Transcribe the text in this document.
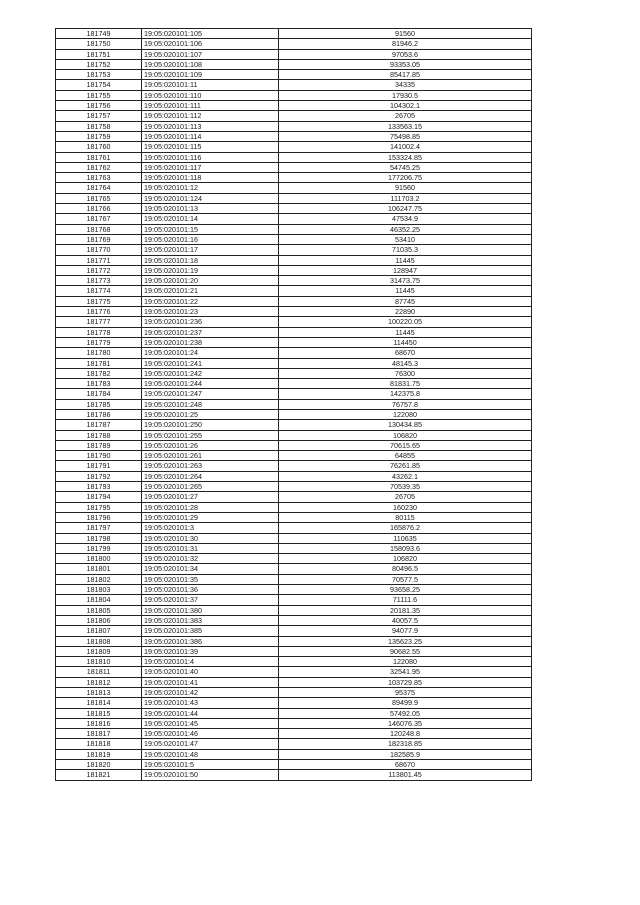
181749	19:05:020101:105	91560
181750	19:05:020101:106	81946.2
181751	19:05:020101:107	97053.6
181752	19:05:020101:108	93353.05
181753	19:05:020101:109	85417.85
181754	19:05:020101:11	34335
181755	19:05:020101:110	17930.5
181756	19:05:020101:111	104302.1
181757	19:05:020101:112	26705
181758	19:05:020101:113	133563.15
181759	19:05:020101:114	75498.85
181760	19:05:020101:115	141002.4
181761	19:05:020101:116	153324.85
181762	19:05:020101:117	54745.25
181763	19:05:020101:118	177206.75
181764	19:05:020101:12	91560
181765	19:05:020101:124	111703.2
181766	19:05:020101:13	106247.75
181767	19:05:020101:14	47534.9
181768	19:05:020101:15	46352.25
181769	19:05:020101:16	53410
181770	19:05:020101:17	71035.3
181771	19:05:020101:18	11445
181772	19:05:020101:19	128947
181773	19:05:020101:20	31473.75
181774	19:05:020101:21	11445
181775	19:05:020101:22	87745
181776	19:05:020101:23	22890
181777	19:05:020101:236	100220.05
181778	19:05:020101:237	11445
181779	19:05:020101:238	114450
181780	19:05:020101:24	68670
181781	19:05:020101:241	48145.3
181782	19:05:020101:242	76300
181783	19:05:020101:244	81831.75
181784	19:05:020101:247	142375.8
181785	19:05:020101:248	76757.8
181786	19:05:020101:25	122080
181787	19:05:020101:250	130434.85
181788	19:05:020101:255	106820
181789	19:05:020101:26	70615.65
181790	19:05:020101:261	64855
181791	19:05:020101:263	76261.85
181792	19:05:020101:264	43262.1
181793	19:05:020101:265	70539.35
181794	19:05:020101:27	26705
181795	19:05:020101:28	160230
181796	19:05:020101:29	80115
181797	19:05:020101:3	165876.2
181798	19:05:020101:30	110635
181799	19:05:020101:31	158093.6
181800	19:05:020101:32	106820
181801	19:05:020101:34	80496.5
181802	19:05:020101:35	70577.5
181803	19:05:020101:36	93658.25
181804	19:05:020101:37	71111.6
181805	19:05:020101:380	20181.35
181806	19:05:020101:383	40057.5
181807	19:05:020101:385	94077.9
181808	19:05:020101:386	135623.25
181809	19:05:020101:39	90682.55
181810	19:05:020101:4	122080
181811	19:05:020101:40	32541.95
181812	19:05:020101:41	103729.85
181813	19:05:020101:42	95375
181814	19:05:020101:43	89499.9
181815	19:05:020101:44	57492.05
181816	19:05:020101:45	146076.35
181817	19:05:020101:46	120248.8
181818	19:05:020101:47	182318.85
181819	19:05:020101:48	182585.9
181820	19:05:020101:5	68670
181821	19:05:020101:50	113801.45
